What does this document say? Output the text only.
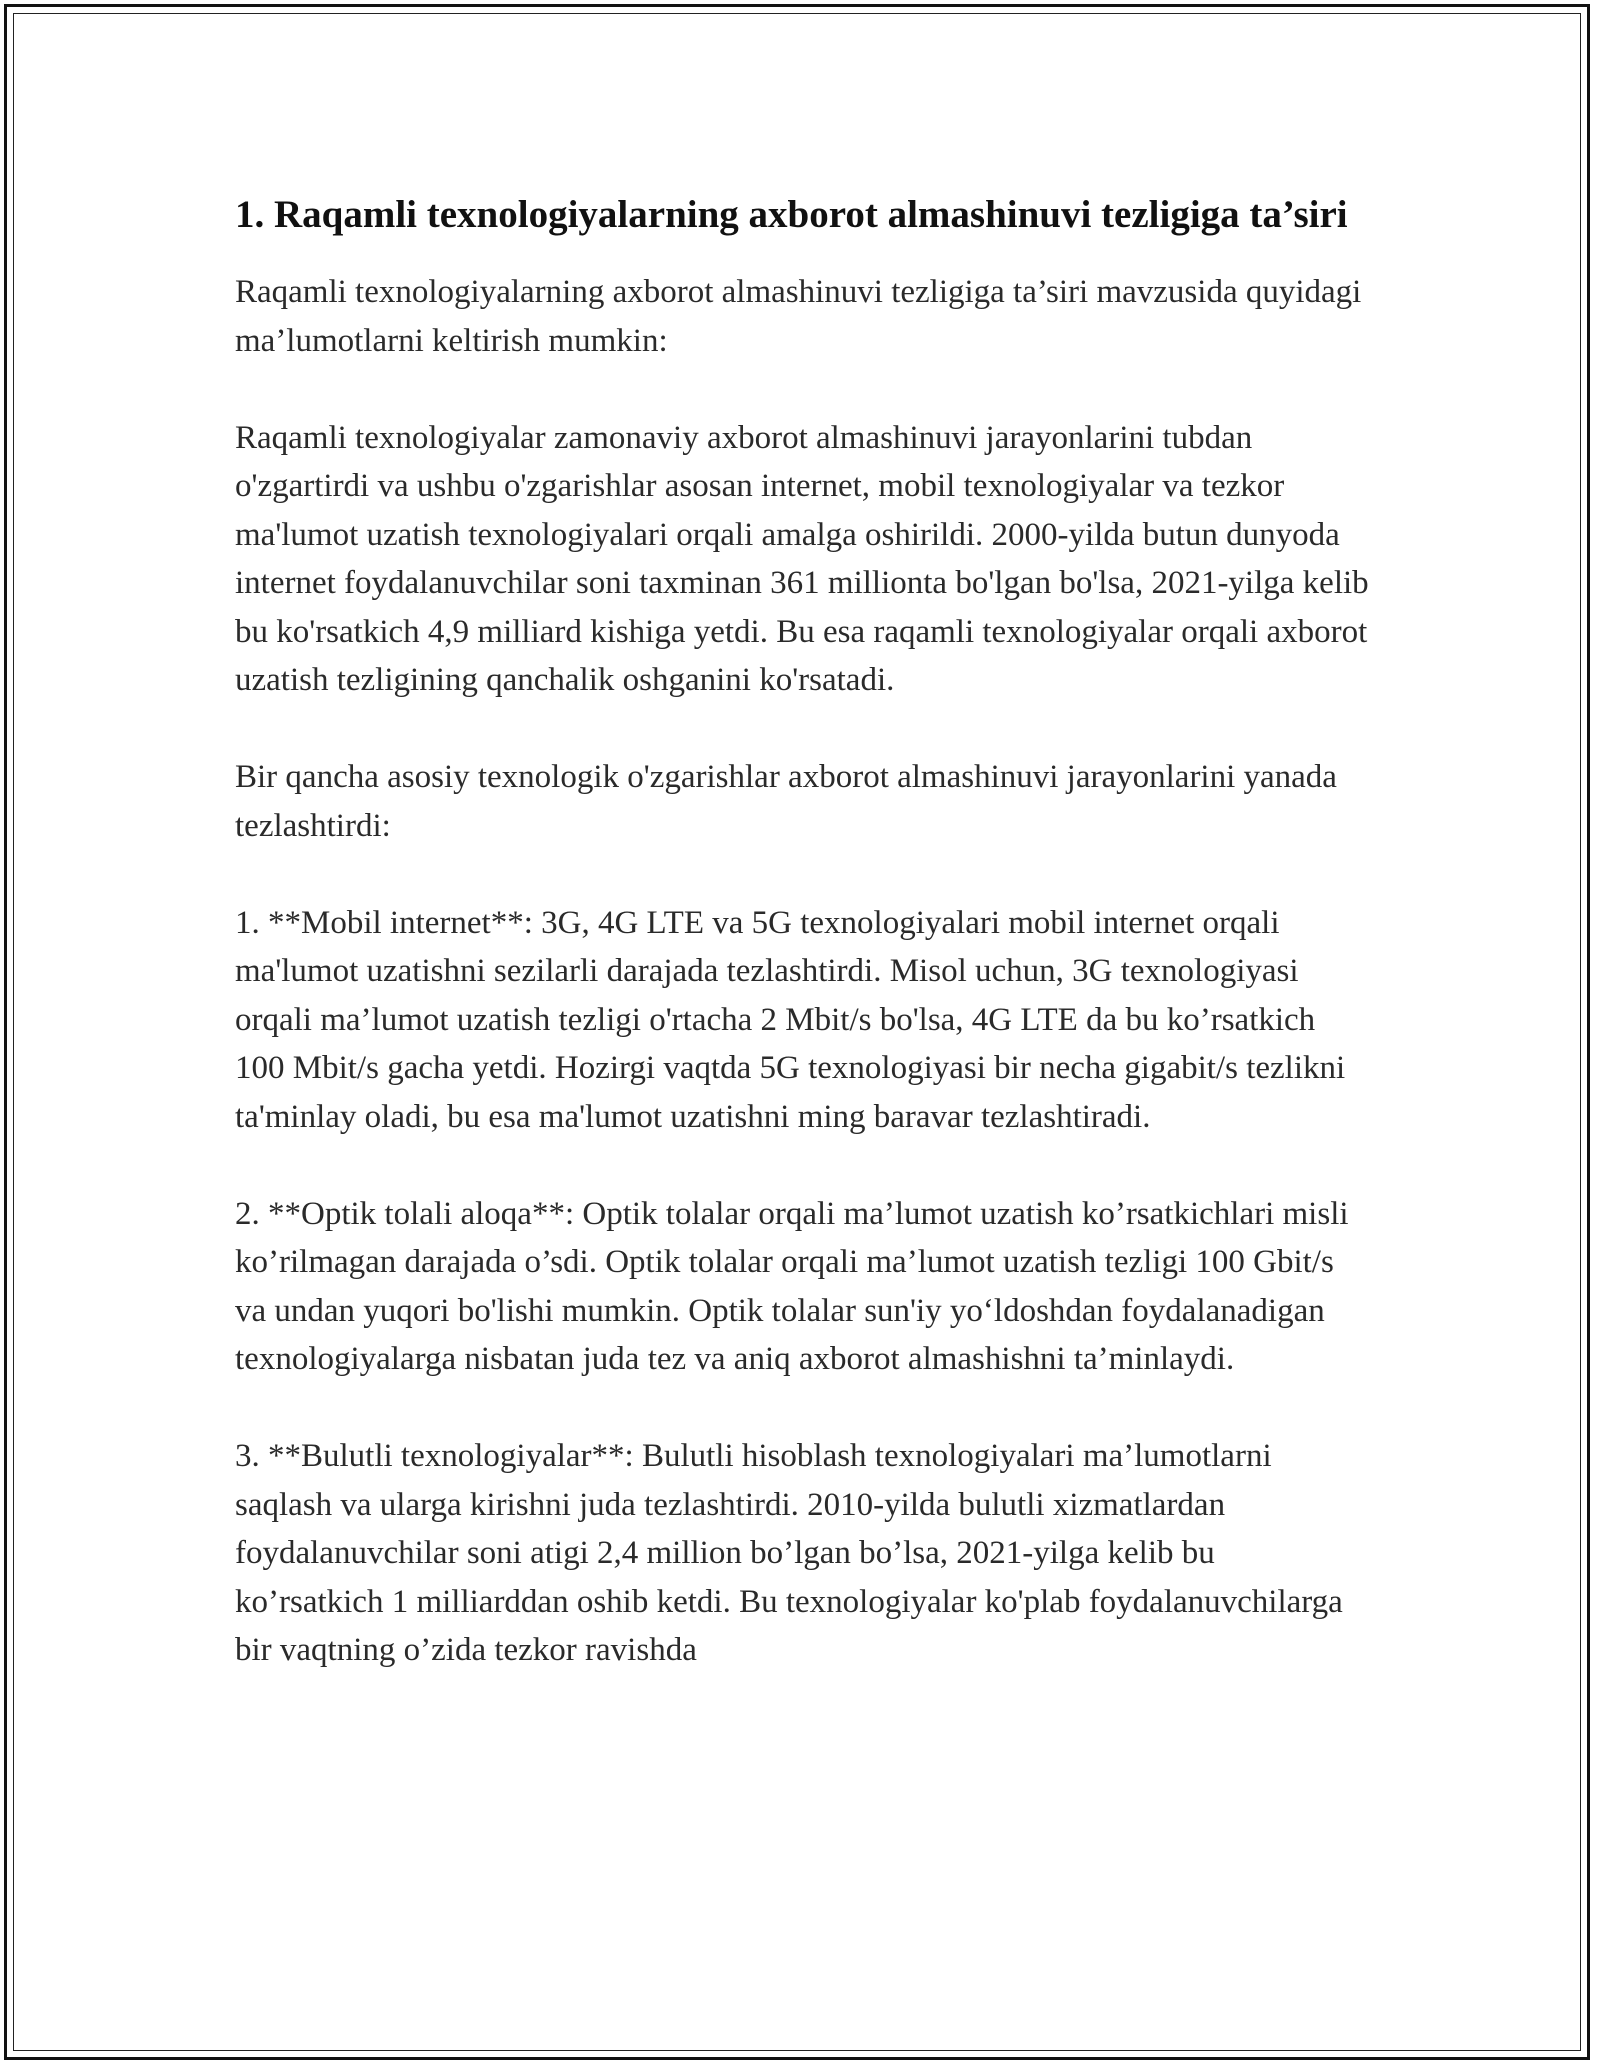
1. Raqamli texnologiyalarning axborot almashinuvi tezligiga ta’siri

Raqamli texnologiyalarning axborot almashinuvi tezligiga ta’siri mavzusida quyidagi ma’lumotlarni keltirish mumkin:

Raqamli texnologiyalar zamonaviy axborot almashinuvi jarayonlarini tubdan o'zgartirdi va ushbu o'zgarishlar asosan internet, mobil texnologiyalar va tezkor ma'lumot uzatish texnologiyalari orqali amalga oshirildi. 2000-yilda butun dunyoda internet foydalanuvchilar soni taxminan 361 millionta bo'lgan bo'lsa, 2021-yilga kelib bu ko'rsatkich 4,9 milliard kishiga yetdi. Bu esa raqamli texnologiyalar orqali axborot uzatish tezligining qanchalik oshganini ko'rsatadi.

Bir qancha asosiy texnologik o'zgarishlar axborot almashinuvi jarayonlarini yanada tezlashtirdi:

1. **Mobil internet**: 3G, 4G LTE va 5G texnologiyalari mobil internet orqali ma'lumot uzatishni sezilarli darajada tezlashtirdi. Misol uchun, 3G texnologiyasi orqali ma’lumot uzatish tezligi o'rtacha 2 Mbit/s bo'lsa, 4G LTE da bu ko’rsatkich 100 Mbit/s gacha yetdi. Hozirgi vaqtda 5G texnologiyasi bir necha gigabit/s tezlikni ta'minlay oladi, bu esa ma'lumot uzatishni ming baravar tezlashtiradi.

2. **Optik tolali aloqa**: Optik tolalar orqali ma’lumot uzatish ko’rsatkichlari misli ko’rilmagan darajada o’sdi. Optik tolalar orqali ma’lumot uzatish tezligi 100 Gbit/s va undan yuqori bo'lishi mumkin. Optik tolalar sun'iy yo‘ldoshdan foydalanadigan texnologiyalarga nisbatan juda tez va aniq axborot almashishni ta’minlaydi.

3. **Bulutli texnologiyalar**: Bulutli hisoblash texnologiyalari ma’lumotlarni saqlash va ularga kirishni juda tezlashtirdi. 2010-yilda bulutli xizmatlardan foydalanuvchilar soni atigi 2,4 million bo’lgan bo’lsa, 2021-yilga kelib bu ko’rsatkich 1 milliarddan oshib ketdi. Bu texnologiyalar ko'plab foydalanuvchilarga bir vaqtning o’zida tezkor ravishda
